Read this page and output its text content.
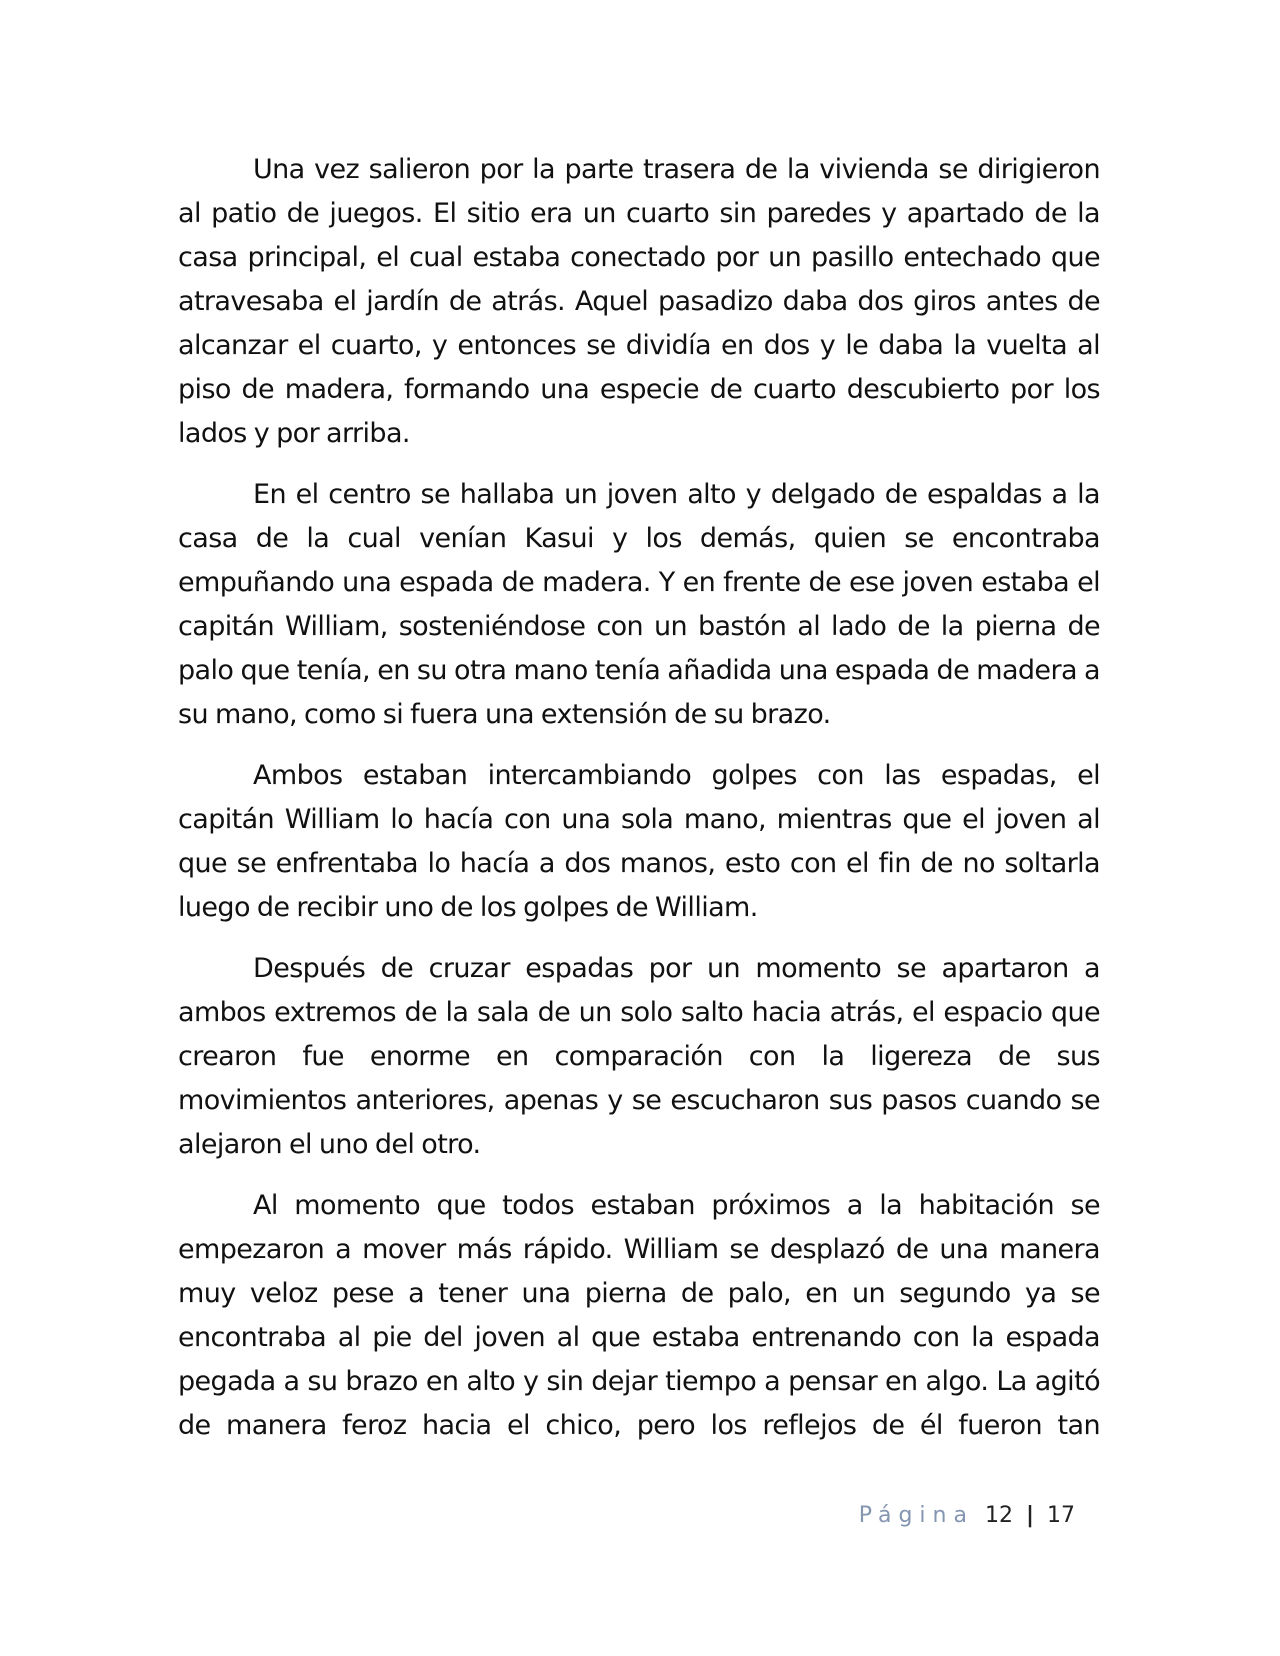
Una vez salieron por la parte trasera de la vivienda se dirigieron al patio de juegos. El sitio era un cuarto sin paredes y apartado de la casa principal, el cual estaba conectado por un pasillo entechado que atravesaba el jardín de atrás. Aquel pasadizo daba dos giros antes de alcanzar el cuarto, y entonces se dividía en dos y le daba la vuelta al piso de madera, formando una especie de cuarto descubierto por los lados y por arriba.

En el centro se hallaba un joven alto y delgado de espaldas a la casa de la cual venían Kasui y los demás, quien se encontraba empuñando una espada de madera. Y en frente de ese joven estaba el capitán William, sosteniéndose con un bastón al lado de la pierna de palo que tenía, en su otra mano tenía añadida una espada de madera a su mano, como si fuera una extensión de su brazo.

Ambos estaban intercambiando golpes con las espadas, el capitán William lo hacía con una sola mano, mientras que el joven al que se enfrentaba lo hacía a dos manos, esto con el fin de no soltarla luego de recibir uno de los golpes de William.

Después de cruzar espadas por un momento se apartaron a ambos extremos de la sala de un solo salto hacia atrás, el espacio que crearon fue enorme en comparación con la ligereza de sus movimientos anteriores, apenas y se escucharon sus pasos cuando se alejaron el uno del otro.

Al momento que todos estaban próximos a la habitación se empezaron a mover más rápido. William se desplazó de una manera muy veloz pese a tener una pierna de palo, en un segundo ya se encontraba al pie del joven al que estaba entrenando con la espada pegada a su brazo en alto y sin dejar tiempo a pensar en algo. La agitó de manera feroz hacia el chico, pero los reflejos de él fueron tan

Página 12 | 17
